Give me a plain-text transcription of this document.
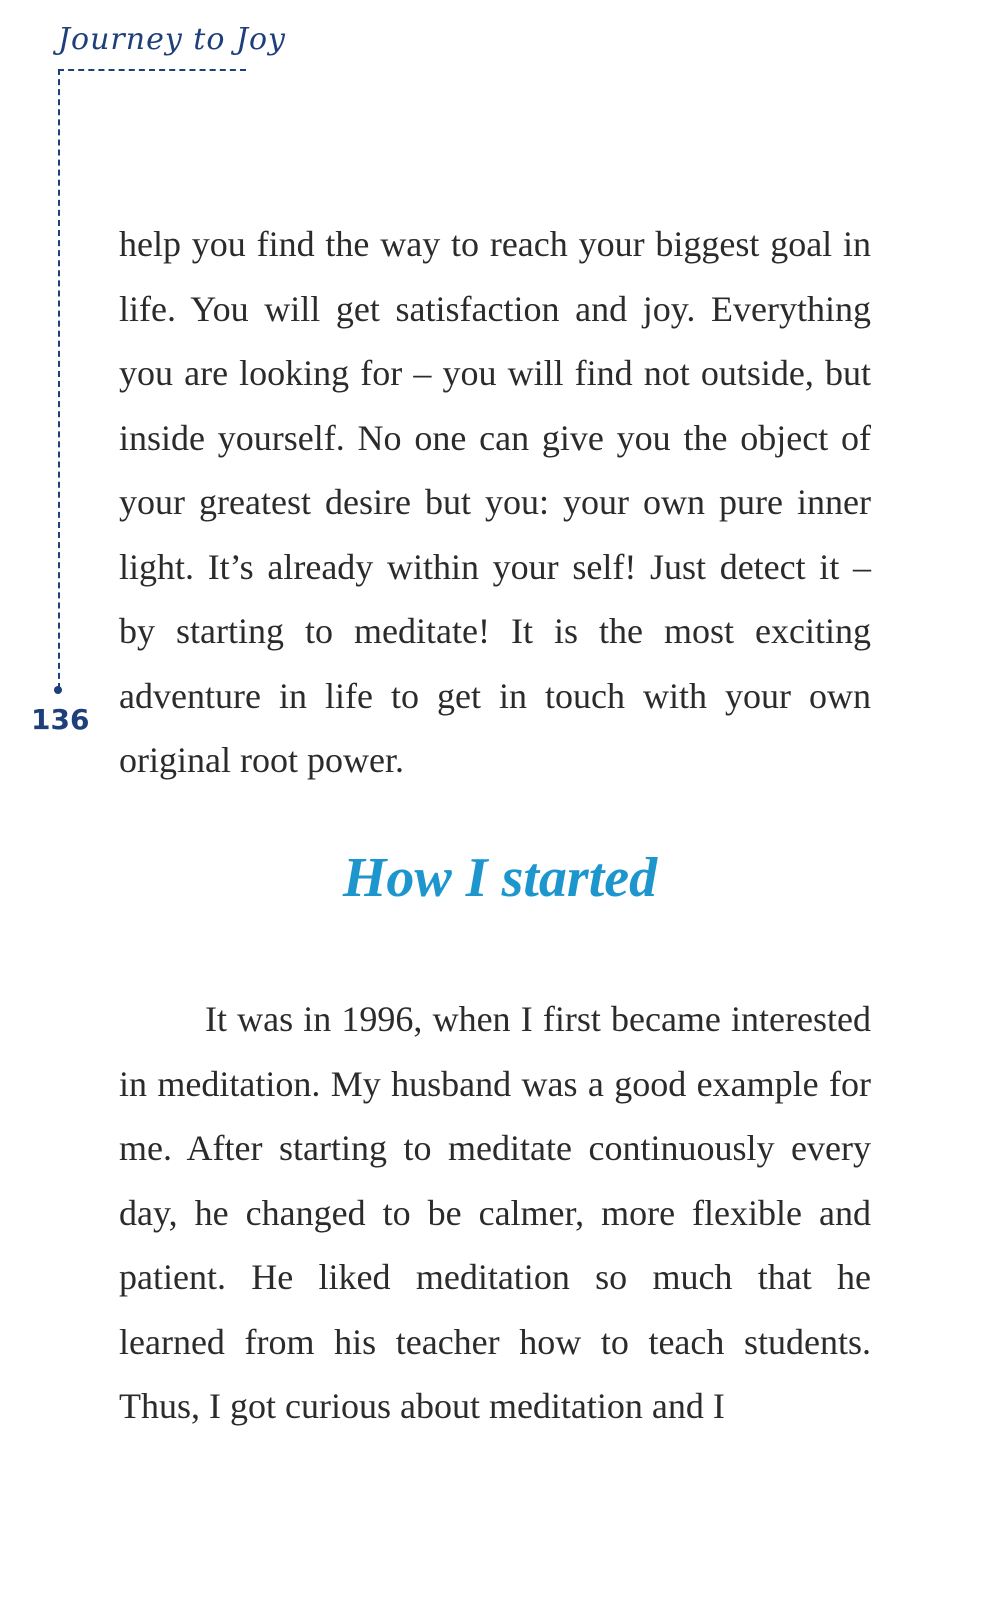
Journey to Joy
136

help you find the way to reach your biggest goal in life. You will get satisfaction and joy. Everything you are looking for – you will find not outside, but inside yourself. No one can give you the object of your greatest desire but you: your own pure inner light. It’s already within your self! Just detect it – by starting to meditate! It is the most exciting adventure in life to get in touch with your own original root power.

How I started

It was in 1996, when I first became interested in meditation. My husband was a good example for me. After starting to meditate continuously every day, he changed to be calmer, more flexible and patient. He liked meditation so much that he learned from his teacher how to teach students. Thus, I got curious about meditation and I
